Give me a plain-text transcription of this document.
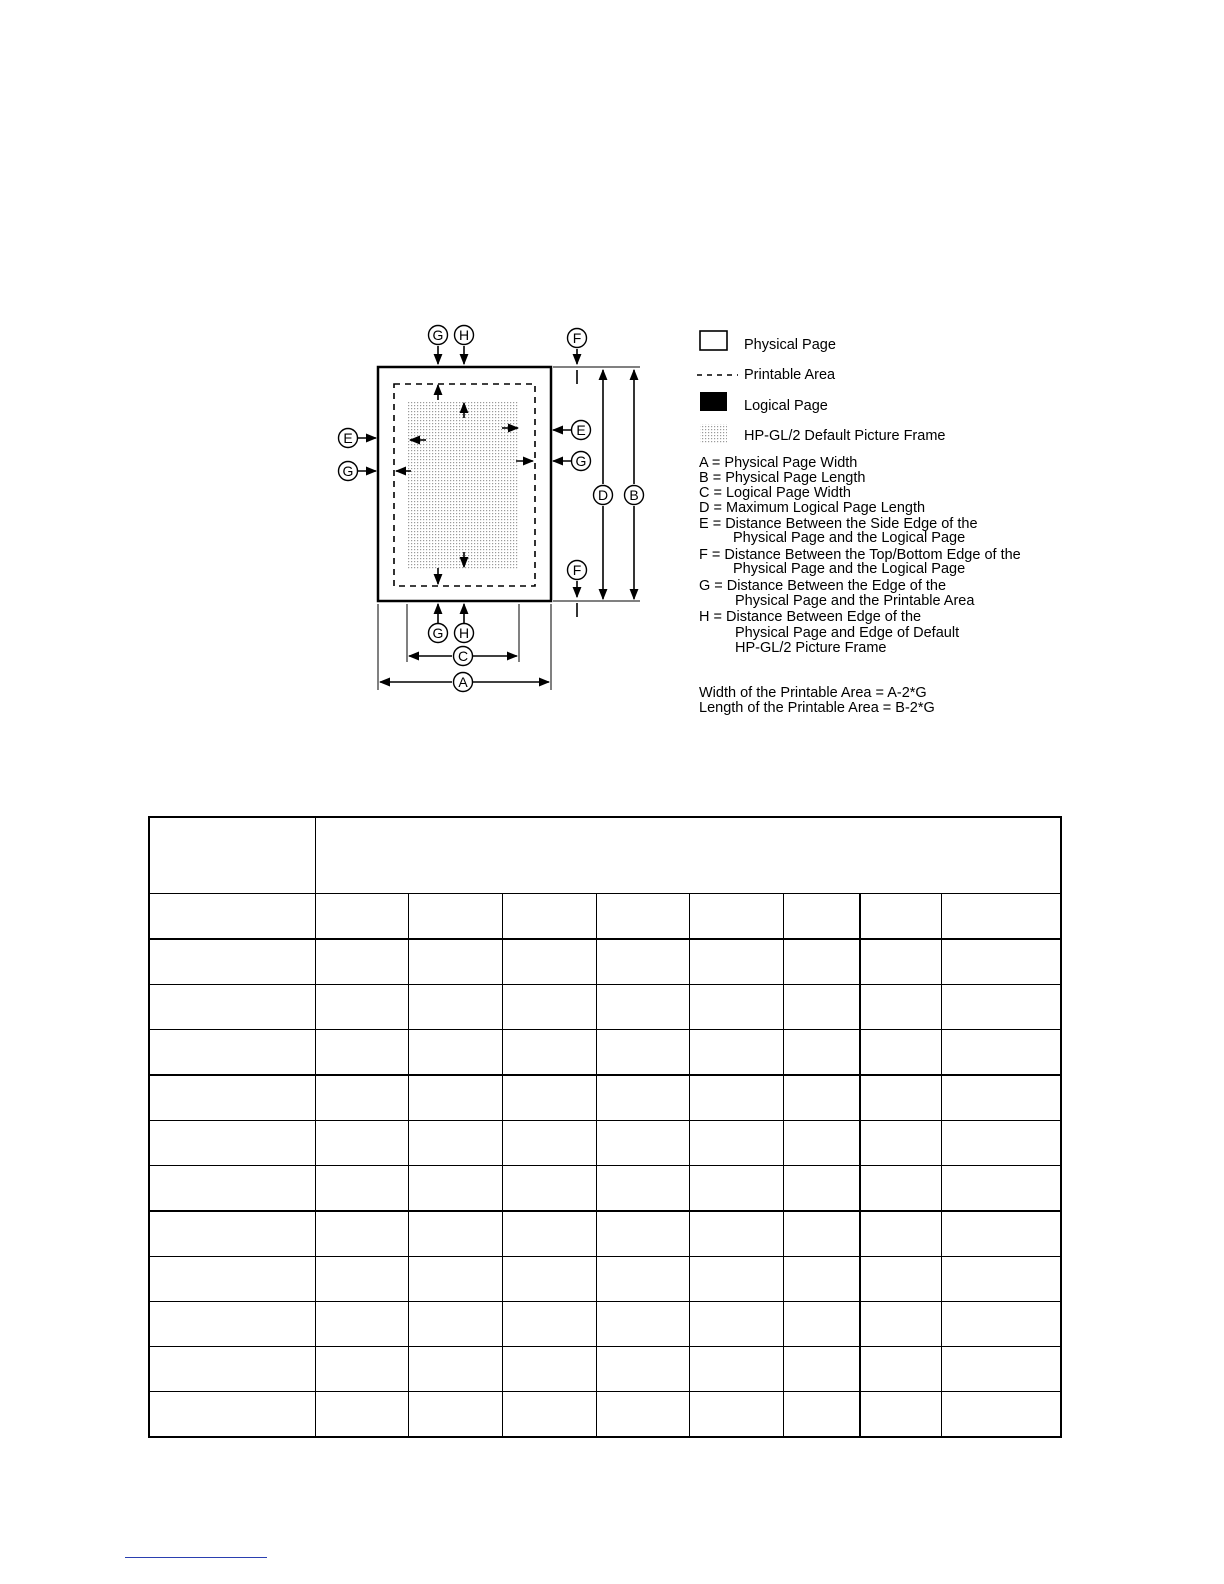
G H	F
E
G
E
G
D B
F
G H
C
A
Physical Page
Printable Area
Logical Page
HP-GL/2 Default Picture Frame
A = Physical Page Width
B = Physical Page Length
C = Logical Page Width
D = Maximum Logical Page Length
E = Distance Between the Side Edge of the
Physical Page and the Logical Page
F = Distance Between the Top/Bottom Edge of the
Physical Page and the Logical Page
G = Distance Between the Edge of the
Physical Page and the Printable Area
H = Distance Between Edge of the
Physical Page and Edge of Default
HP-GL/2 Picture Frame
Width of the Printable Area = A-2*G
Length of the Printable Area = B-2*G
